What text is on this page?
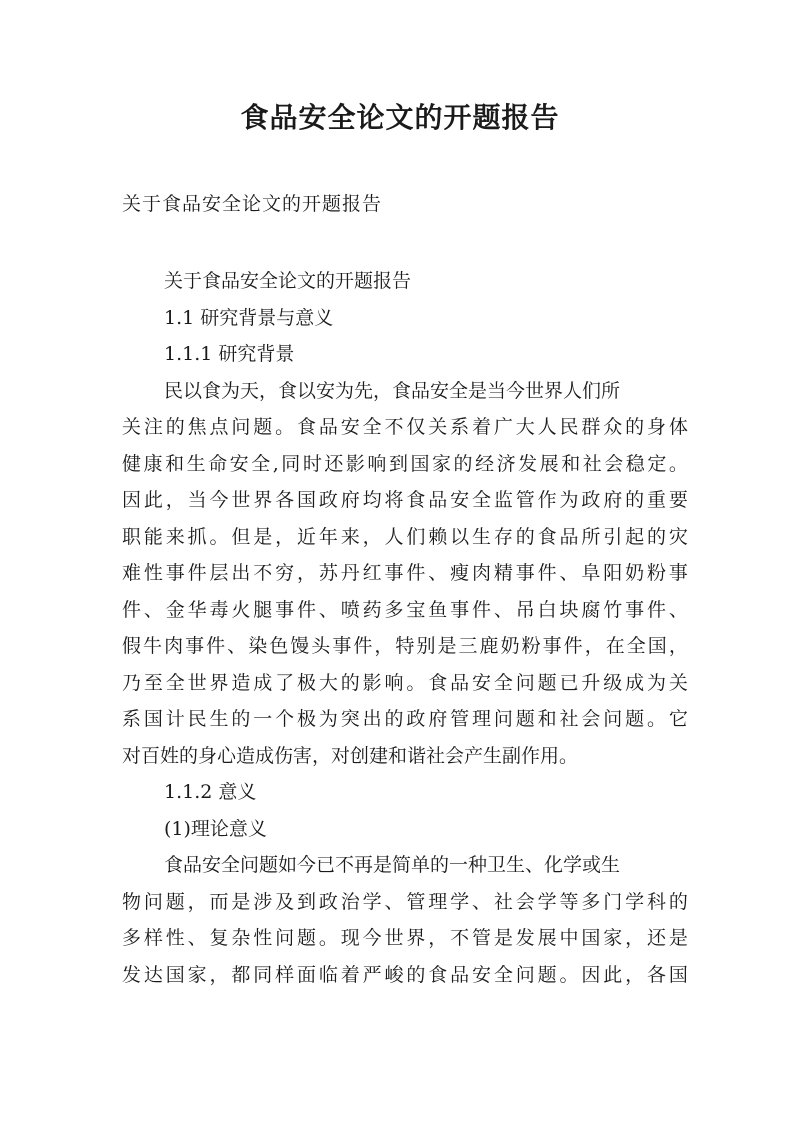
食品安全论文的开题报告

关于食品安全论文的开题报告

关于食品安全论文的开题报告

1.1 研究背景与意义

1.1.1 研究背景

民以食为天，食以安为先，食品安全是当今世界人们所

关 注 的 焦 点 问 题 。 食 品 安 全 不 仅 关 系 着 广 大 人 民 群 众 的 身 体

健 康 和 生 命 安 全 , 同 时 还 影 响 到 国 家 的 经 济 发 展 和 社 会 稳 定 。

因 此 ， 当 今 世 界 各 国 政 府 均 将 食 品 安 全 监 管 作 为 政 府 的 重 要

职 能 来 抓 。 但 是 ， 近 年 来 ， 人 们 赖 以 生 存 的 食 品 所 引 起 的 灾

难 性 事 件 层 出 不 穷 ， 苏 丹 红 事 件 、 瘦 肉 精 事 件 、 阜 阳 奶 粉 事

件 、 金 华 毒 火 腿 事 件 、 喷 药 多 宝 鱼 事 件 、 吊 白 块 腐 竹 事 件 、

假 牛 肉 事 件 、 染 色 馒 头 事 件 ， 特 别 是 三 鹿 奶 粉 事 件 ， 在 全 国 ，

乃 至 全 世 界 造 成 了 极 大 的 影 响 。 食 品 安 全 问 题 已 升 级 成 为 关

系 国 计 民 生 的 一 个 极 为 突 出 的 政 府 管 理 问 题 和 社 会 问 题 。 它

对百姓的身心造成伤害，对创建和谐社会产生副作用。

1.1.2 意义

(1)理论意义

食品安全问题如今已不再是简单的一种卫生、化学或生

物 问 题 ， 而 是 涉 及 到 政 治 学 、 管 理 学 、 社 会 学 等 多 门 学 科 的

多 样 性 、 复 杂 性 问 题 。 现 今 世 界 ， 不 管 是 发 展 中 国 家 ， 还 是

发 达 国 家 ， 都 同 样 面 临 着 严 峻 的 食 品 安 全 问 题 。 因 此 ， 各 国
